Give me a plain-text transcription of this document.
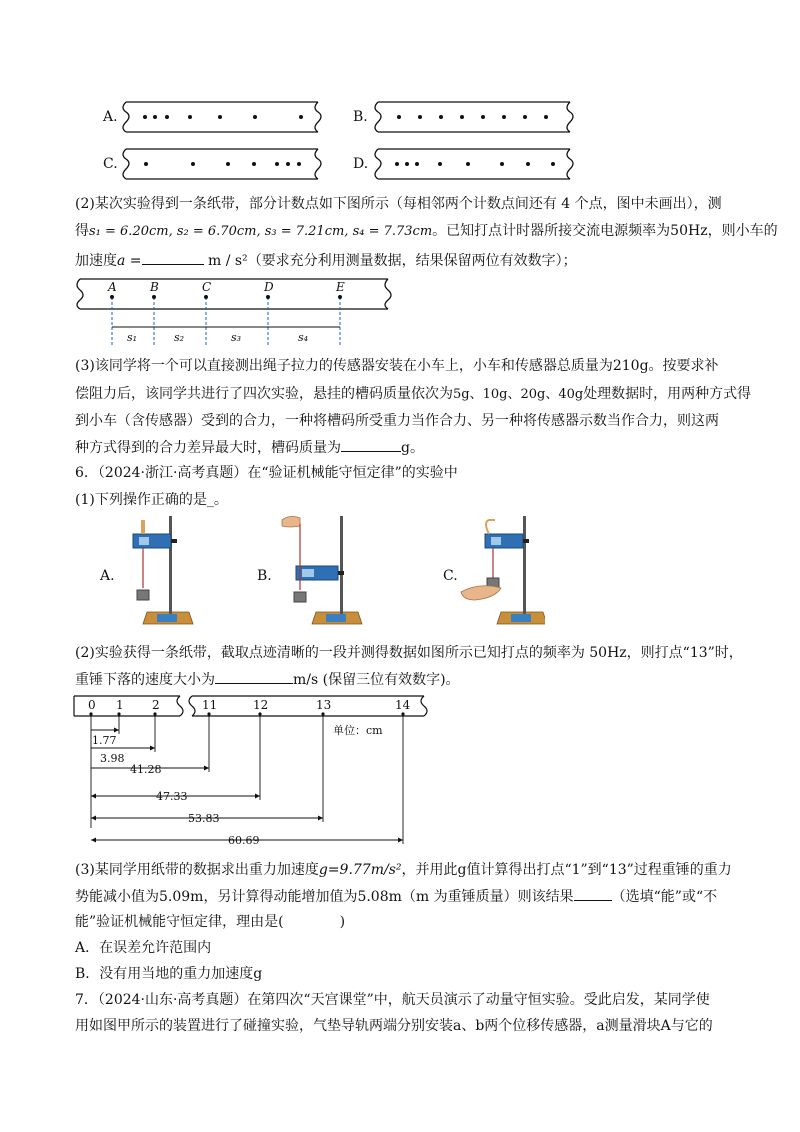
A.	B.
C.	D.
(2)某次实验得到一条纸带，部分计数点如下图所示（每相邻两个计数点间还有 4 个点，图中未画出），测
得s₁ = 6.20cm, s₂ = 6.70cm, s₃ = 7.21cm, s₄ = 7.73cm。已知打点计时器所接交流电源频率为50Hz，则小车的
加速度a =	m / s²（要求充分利用测量数据，结果保留两位有效数字）；
A	B	C	D	E
s₁	s₂	s₃	s₄
(3)该同学将一个可以直接测出绳子拉力的传感器安装在小车上，小车和传感器总质量为210g。按要求补
偿阻力后，该同学共进行了四次实验，悬挂的槽码质量依次为5g、10g、20g、40g处理数据时，用两种方式得
到小车（含传感器）受到的合力，一种将槽码所受重力当作合力、另一种将传感器示数当作合力，则这两
种方式得到的合力差异最大时，槽码质量为	g。
6．（2024·浙江·高考真题）在“验证机械能守恒定律”的实验中
(1)下列操作正确的是_。
A.	B.	C.
(2)实验获得一条纸带，截取点迹清晰的一段并测得数据如图所示已知打点的频率为 50Hz，则打点“13”时，
重锤下落的速度大小为	m/s (保留三位有效数字)。
0 1 2	11	12	13	14
1.77
3.98
41.28
47.33
53.83
60.69
单位：cm
(3)某同学用纸带的数据求出重力加速度g=9.77m/s²，并用此g值计算得出打点“1”到“13”过程重锤的重力
势能减小值为5.09m，另计算得动能增加值为5.08m（m 为重锤质量）则该结果	（选填“能”或“不
能”验证机械能守恒定律，理由是(	)
A．在误差允许范围内
B．没有用当地的重力加速度g
7．（2024·山东·高考真题）在第四次“天宫课堂”中，航天员演示了动量守恒实验。受此启发，某同学使
用如图甲所示的装置进行了碰撞实验，气垫导轨两端分别安装a、b两个位移传感器，a测量滑块A与它的
